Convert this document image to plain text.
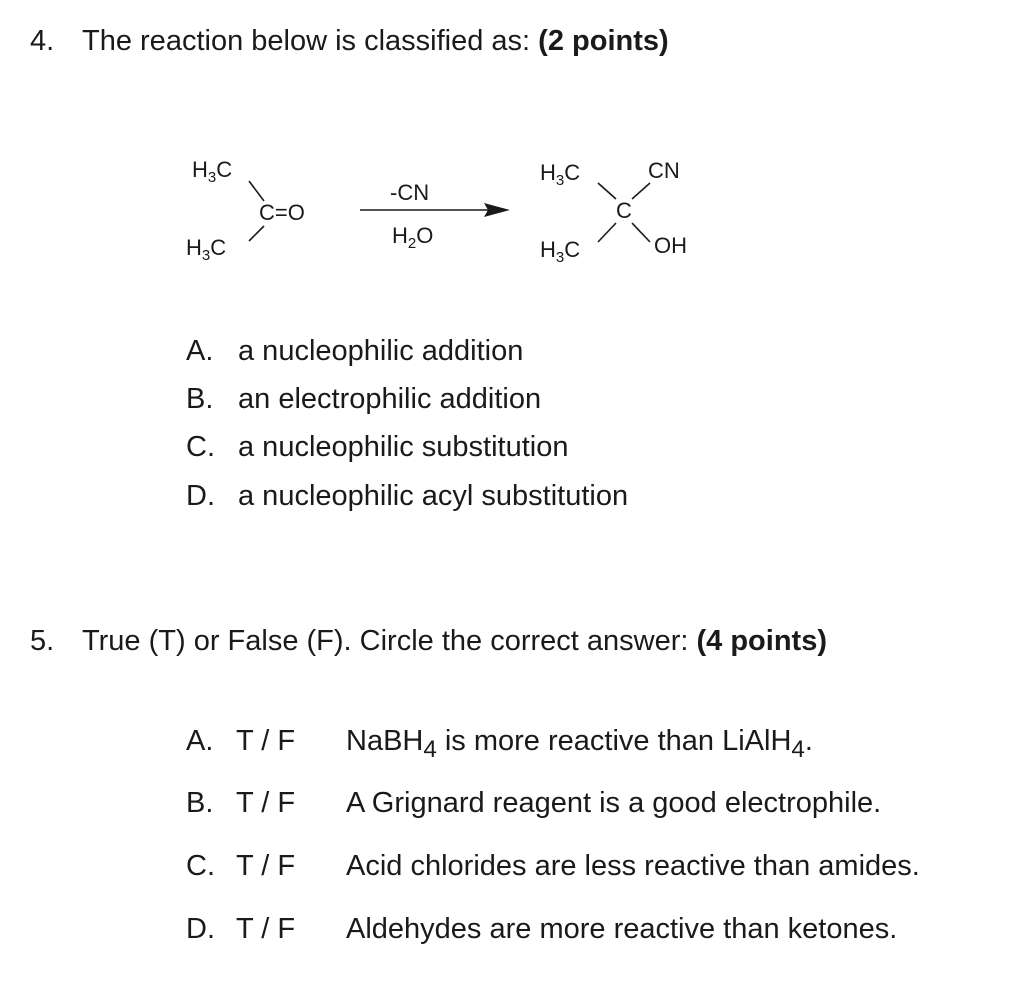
4. The reaction below is classified as: (2 points)
$H_3C$
C=O
$H_3C$
-CN
$H_2O$
$H_3C$	CN
C
$H_3C$	OH
A. a nucleophilic addition
B. an electrophilic addition
C. a nucleophilic substitution
D. a nucleophilic acyl substitution
5. True (T) or False (F). Circle the correct answer: (4 points)
A. T / F NaBH$_4$ is more reactive than LiAlH$_4$.
B. T / F A Grignard reagent is a good electrophile.
C. T / F Acid chlorides are less reactive than amides.
D. T / F Aldehydes are more reactive than ketones.
